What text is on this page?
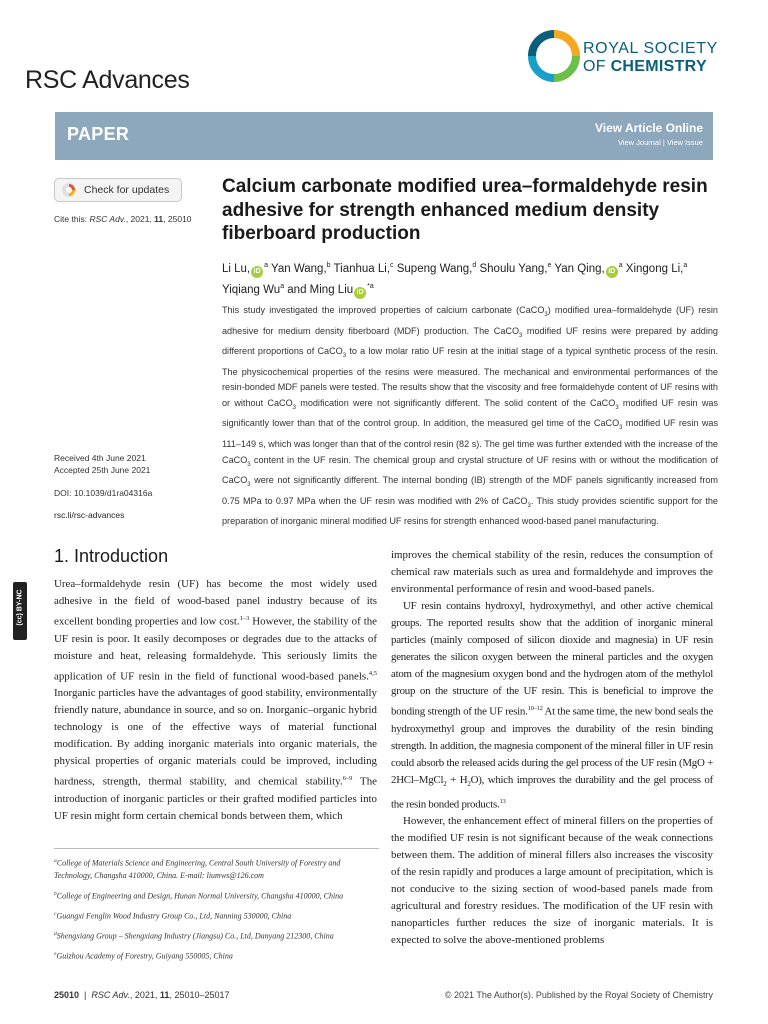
RSC Advances
ROYAL SOCIETY
OF CHEMISTRY
PAPER	View Article Online
View Journal | View Issue
Check for updates
Cite this: RSC Adv., 2021, 11, 25010
Calcium carbonate modified urea–formaldehyde resin adhesive for strength enhanced medium density fiberboard production
Li Lu, $iD^a$ Yan Wang,$^b$ Tianhua Li,$^c$ Supeng Wang,$^d$ Shoulu Yang,$^e$ Yan Qing, $iD^a$ Xingong Li,$^a$ Yiqiang Wu$^a$ and Ming Liu $iD^{*a}$
This study investigated the improved properties of calcium carbonate (CaCO$_3$) modified urea–formaldehyde (UF) resin adhesive for medium density fiberboard (MDF) production. The CaCO$_3$ modified UF resins were prepared by adding different proportions of CaCO$_3$ to a low molar ratio UF resin at the initial stage of a typical synthetic process of the resin. The physicochemical properties of the resins were measured. The mechanical and environmental performances of the resin-bonded MDF panels were tested. The results show that the viscosity and free formaldehyde content of UF resins with or without CaCO$_3$ modification were not significantly different. The solid content of the CaCO$_3$ modified UF resin was significantly lower than that of the control group. In addition, the measured gel time of the CaCO$_3$ modified UF resin was 111–149 s, which was longer than that of the control resin (82 s). The gel time was further extended with the increase of the CaCO$_3$ content in the UF resin. The chemical group and crystal structure of UF resins with or without the modification of CaCO$_3$ were not significantly different. The internal bonding (IB) strength of the MDF panels significantly increased from 0.75 MPa to 0.97 MPa when the UF resin was modified with 2% of CaCO$_3$. This study provides scientific support for the preparation of inorganic mineral modified UF resins for strength enhanced wood-based panel manufacturing.
Received 4th June 2021
Accepted 25th June 2021
DOI: 10.1039/d1ra04316a
rsc.li/rsc-advances
(cc) BY-NC
1. Introduction

Urea–formaldehyde resin (UF) has become the most widely used adhesive in the field of wood-based panel industry because of its excellent bonding properties and low cost.$^{1-3}$ However, the stability of the UF resin is poor. It easily decomposes or degrades due to the attacks of moisture and heat, releasing formaldehyde. This seriously limits the application of UF resin in the field of functional wood-based panels.$^{4,5}$ Inorganic particles have the advantages of good stability, environmentally friendly nature, abundance in source, and so on. Inorganic–organic hybrid technology is one of the effective ways of material functional modification. By adding inorganic materials into organic materials, the physical properties of organic materials could be improved, including hardness, strength, thermal stability, and chemical stability.$^{6-9}$ The introduction of inorganic particles or their grafted modified particles into UF resin might form certain chemical bonds between them, which

improves the chemical stability of the resin, reduces the consumption of chemical raw materials such as urea and formaldehyde and improves the environmental performance of resin and wood-based panels.

UF resin contains hydroxyl, hydroxymethyl, and other active chemical groups. The reported results show that the addition of inorganic mineral particles (mainly composed of silicon dioxide and magnesia) in UF resin generates the silicon oxygen between the mineral particles and the oxygen atom of the magnesium oxygen bond and the hydrogen atom of the methylol group on the structure of the UF resin. This is beneficial to improve the bonding strength of the UF resin.$^{10-12}$ At the same time, the new bond seals the hydroxymethyl group and improves the durability of the resin binding strength. In addition, the magnesia component of the mineral filler in UF resin could absorb the released acids during the gel process of the UF resin (MgO + 2HCl–MgCl$_2$ + $H_2O$), which improves the durability and the gel process of the resin bonded products.$^{13}$

However, the enhancement effect of mineral fillers on the properties of the modified UF resin is not significant because of the weak connections between them. The addition of mineral fillers also increases the viscosity of the resin rapidly and produces a large amount of precipitation, which is not conducive to the sizing section of wood-based panels made from agricultural and forestry residues. The modification of the UF resin with nanoparticles further reduces the size of inorganic materials. It is expected to solve the above-mentioned problems

$^a$College of Materials Science and Engineering, Central South University of Forestry and Technology, Changsha 410000, China. E-mail: liumws@126.com
$^b$College of Engineering and Design, Hunan Normal University, Changsha 410000, China
$^c$Guangxi Fenglin Wood Industry Group Co., Ltd, Nanning 530000, China
$^d$Shengxiang Group – Shengxiang Industry (Jiangsu) Co., Ltd, Danyang 212300, China
$^e$Guizhou Academy of Forestry, Guiyang 550005, China
25010  |  RSC Adv., 2021, 11, 25010–25017	© 2021 The Author(s). Published by the Royal Society of Chemistry
